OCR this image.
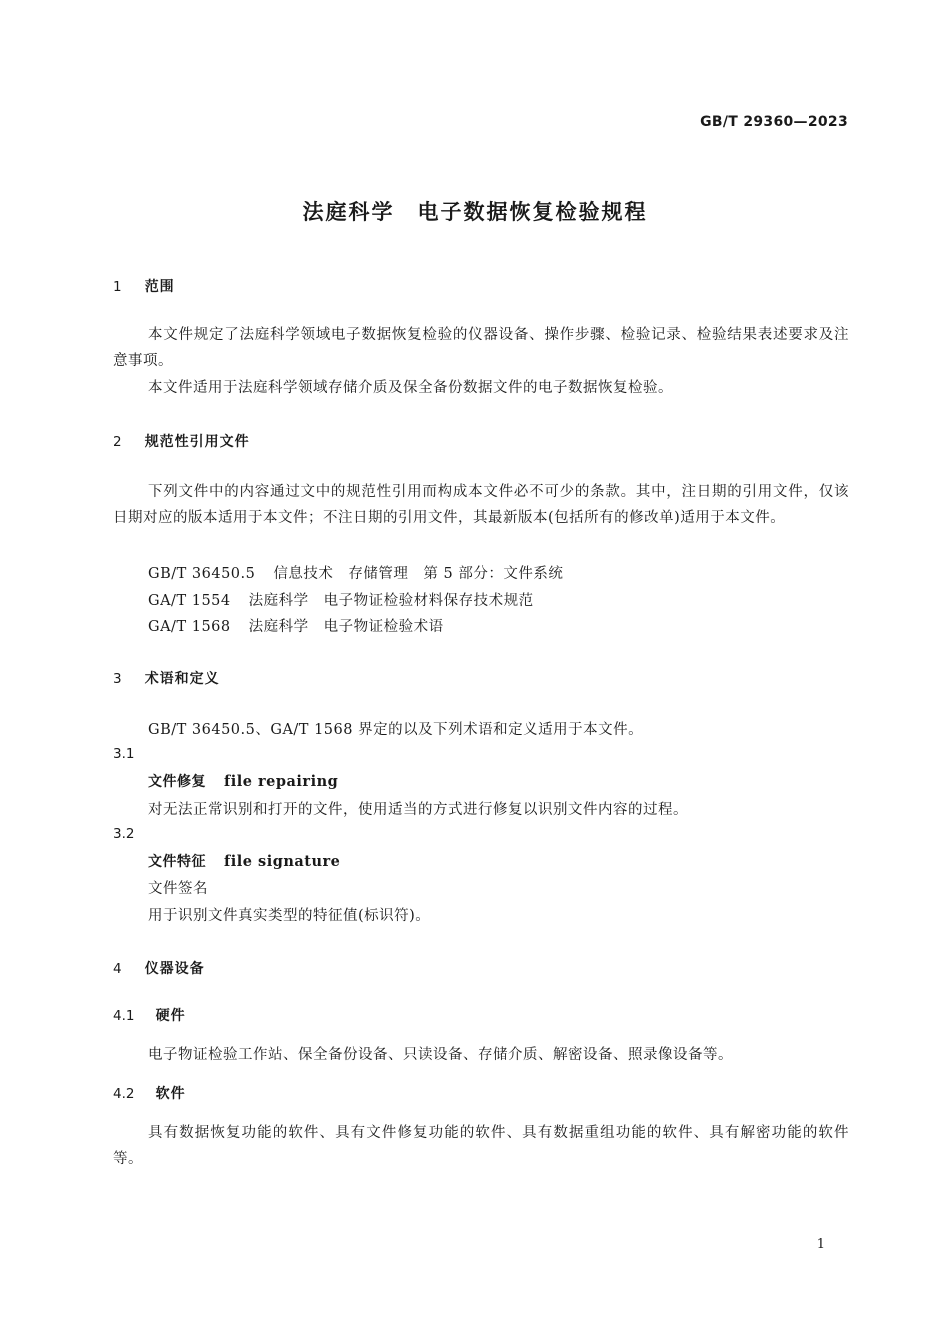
GB/T 29360—2023
法庭科学　电子数据恢复检验规程
1 范围
本文件规定了法庭科学领域电子数据恢复检验的仪器设备、操作步骤、检验记录、检验结果表述要求及注意事项。
本文件适用于法庭科学领域存储介质及保全备份数据文件的电子数据恢复检验。
2 规范性引用文件
下列文件中的内容通过文中的规范性引用而构成本文件必不可少的条款。其中，注日期的引用文件，仅该日期对应的版本适用于本文件；不注日期的引用文件，其最新版本(包括所有的修改单)适用于本文件。
GB/T 36450.5 信息技术　存储管理　第 5 部分：文件系统
GA/T 1554 法庭科学　电子物证检验材料保存技术规范
GA/T 1568 法庭科学　电子物证检验术语
3 术语和定义
GB/T 36450.5、GA/T 1568 界定的以及下列术语和定义适用于本文件。
3.1
文件修复 file repairing
对无法正常识别和打开的文件，使用适当的方式进行修复以识别文件内容的过程。
3.2
文件特征 file signature
文件签名
用于识别文件真实类型的特征值(标识符)。
4 仪器设备
4.1 硬件
电子物证检验工作站、保全备份设备、只读设备、存储介质、解密设备、照录像设备等。
4.2 软件
具有数据恢复功能的软件、具有文件修复功能的软件、具有数据重组功能的软件、具有解密功能的软件等。
1
